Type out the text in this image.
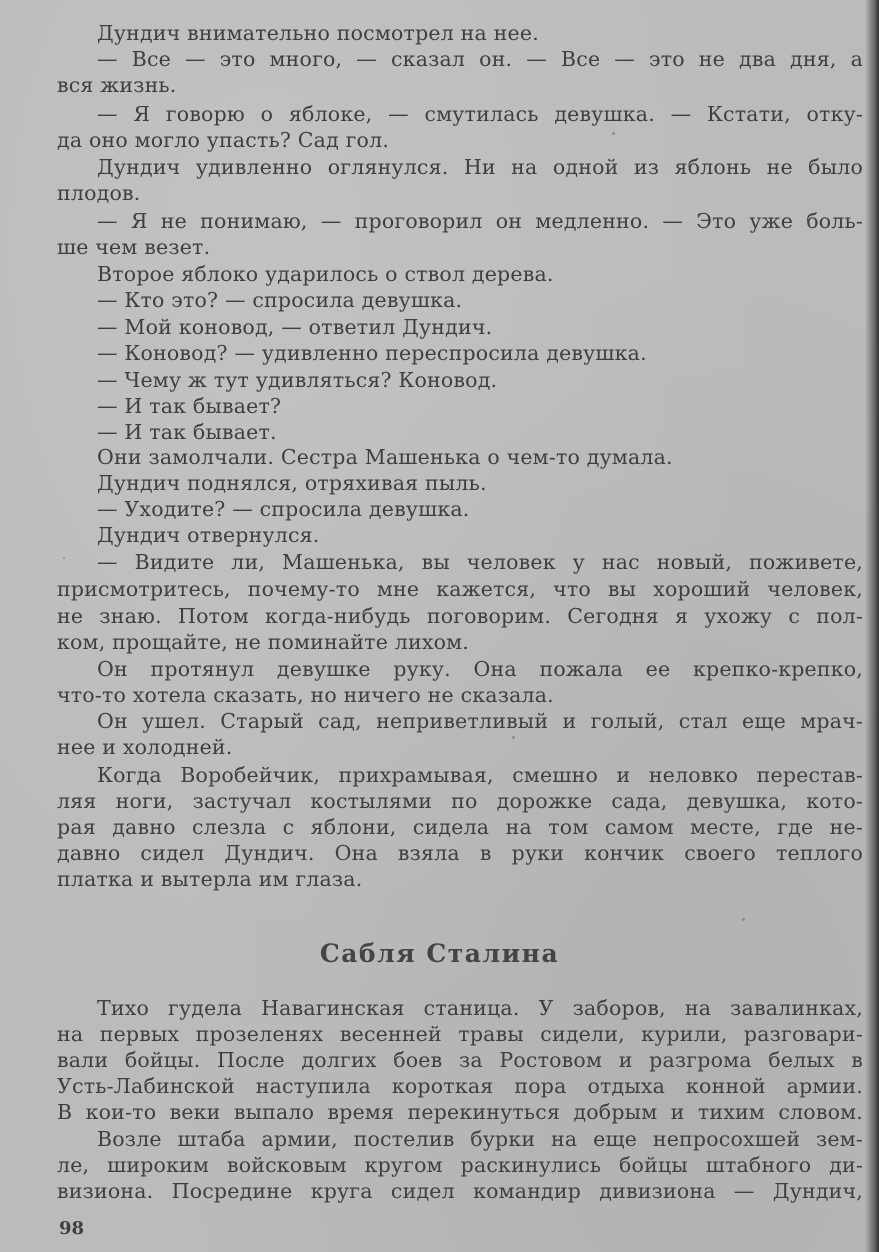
Дундич внимательно посмотрел на нее.
— Все — это много, — сказал он. — Все — это не два дня, а
вся жизнь.
— Я говорю о яблоке, — смутилась девушка. — Кстати, отку-
да оно могло упасть? Сад гол.
Дундич удивленно оглянулся. Ни на одной из яблонь не было
плодов.
— Я не понимаю, — проговорил он медленно. — Это уже боль-
ше чем везет.
Второе яблоко ударилось о ствол дерева.
— Кто это? — спросила девушка.
— Мой коновод, — ответил Дундич.
— Коновод? — удивленно переспросила девушка.
— Чему ж тут удивляться? Коновод.
— И так бывает?
— И так бывает.
Они замолчали. Сестра Машенька о чем-то думала.
Дундич поднялся, отряхивая пыль.
— Уходите? — спросила девушка.
Дундич отвернулся.
— Видите ли, Машенька, вы человек у нас новый, поживете,
присмотритесь, почему-то мне кажется, что вы хороший человек,
не знаю. Потом когда-нибудь поговорим. Сегодня я ухожу с пол-
ком, прощайте, не поминайте лихом.
Он протянул девушке руку. Она пожала ее крепко-крепко,
что-то хотела сказать, но ничего не сказала.
Он ушел. Старый сад, неприветливый и голый, стал еще мрач-
нее и холодней.
Когда Воробейчик, прихрамывая, смешно и неловко перестав-
ляя ноги, застучал костылями по дорожке сада, девушка, кото-
рая давно слезла с яблони, сидела на том самом месте, где не-
давно сидел Дундич. Она взяла в руки кончик своего теплого
платка и вытерла им глаза.
Сабля Сталина
Тихо гудела Навагинская станица. У заборов, на завалинках,
на первых прозеленях весенней травы сидели, курили, разговари-
вали бойцы. После долгих боев за Ростовом и разгрома белых в
Усть-Лабинской наступила короткая пора отдыха конной армии.
В кои-то веки выпало время перекинуться добрым и тихим словом.
Возле штаба армии, постелив бурки на еще непросохшей зем-
ле, широким войсковым кругом раскинулись бойцы штабного ди-
визиона. Посредине круга сидел командир дивизиона — Дундич,
98
